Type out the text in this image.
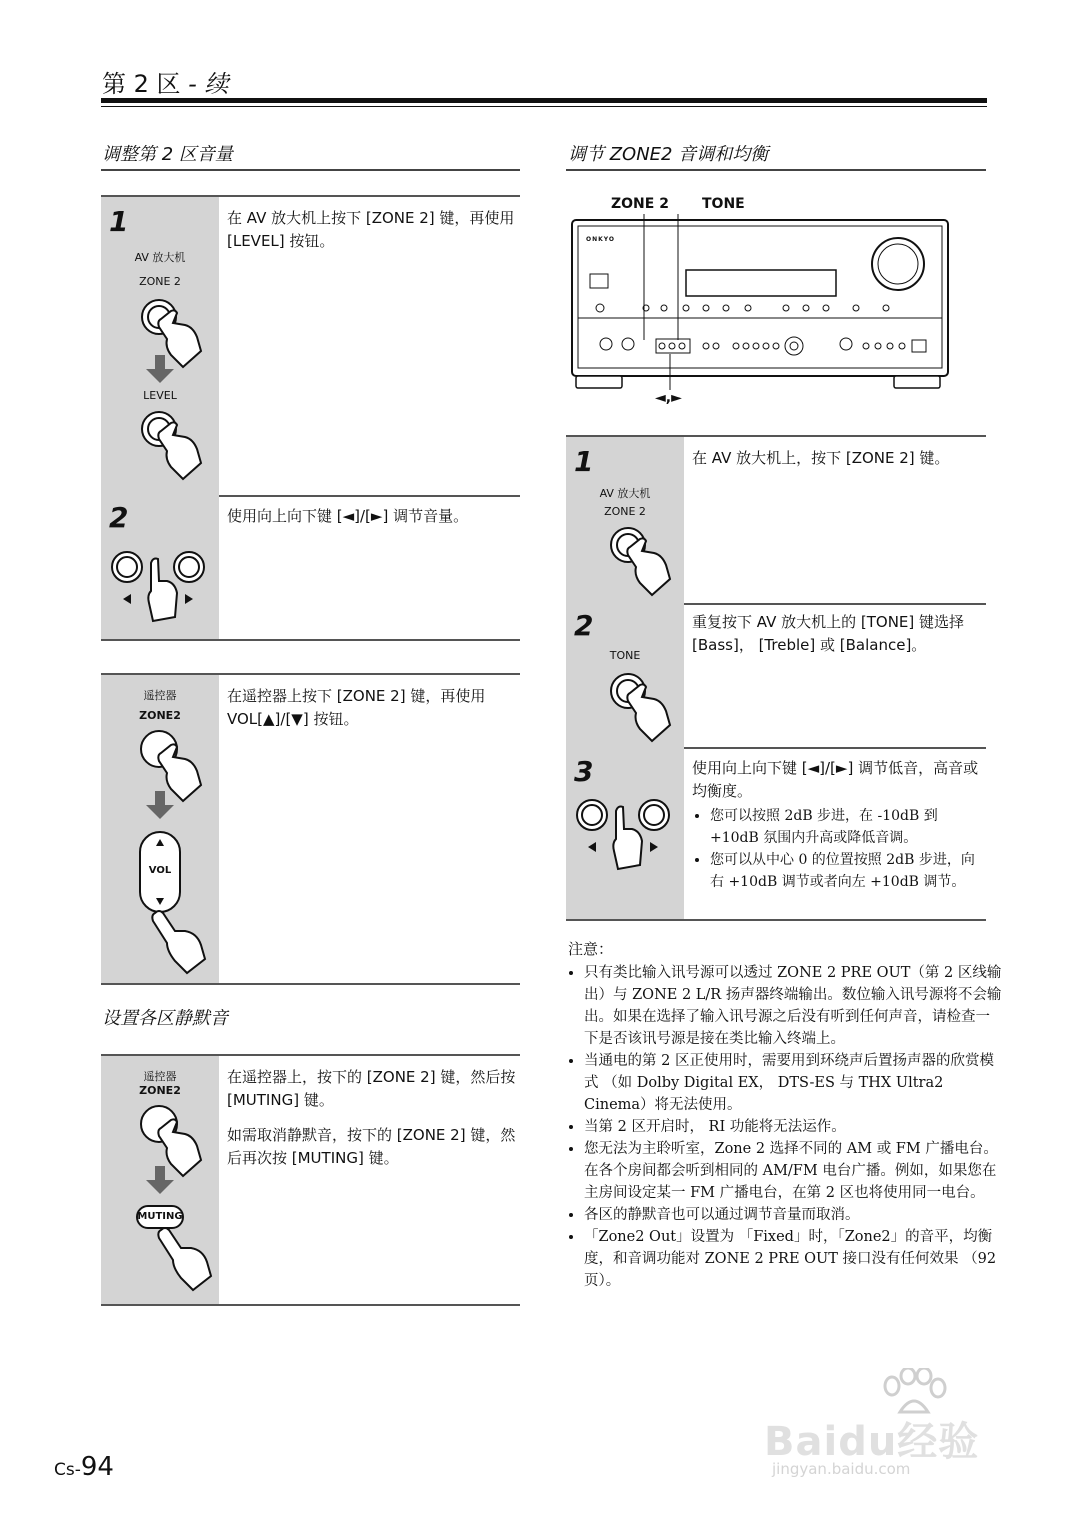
第 2 区 - 续
调整第 2 区音量
1
AV 放大机
ZONE 2
LEVEL
在 AV 放大机上按下 [ZONE 2] 键，再使用 [LEVEL] 按钮。
2	使用向上向下键 [◄]/[►] 调节音量。
遥控器
ZONE2
VOL
在遥控器上按下 [ZONE 2] 键，再使用 VOL[▲]/[▼] 按钮。
设置各区静默音
遥控器
ZONE2
MUTING

在遥控器上，按下的 [ZONE 2] 键，然后按 [MUTING] 键。

如需取消静默音，按下的 [ZONE 2] 键，然后再次按 [MUTING] 键。

调节 ZONE2 音调和均衡
ZONE 2 TONE
◄,►
ONKYO
1
AV 放大机
ZONE 2
在 AV 放大机上，按下 [ZONE 2] 键。
2
TONE
重复按下 AV 放大机上的 [TONE] 键选择 [Bass]， [Treble] 或 [Balance]。
3	使用向上向下键 [◄]/[►] 调节低音，高音或均衡度。
• 您可以按照 2dB 步进，在 -10dB 到 +10dB 氛围内升高或降低音调。
• 您可以从中心 0 的位置按照 2dB 步进，向右 +10dB 调节或者向左 +10dB 调节。
注意：
• 只有类比输入讯号源可以透过 ZONE 2 PRE OUT（第 2 区线输出）与 ZONE 2 L/R 扬声器终端输出。数位输入讯号源将不会输出。如果在选择了输入讯号源之后没有听到任何声音，请检查一下是否该讯号源是接在类比输入终端上。
• 当通电的第 2 区正使用时，需要用到环绕声后置扬声器的欣赏模式 （如 Dolby Digital EX， DTS-ES 与 THX Ultra2 Cinema）将无法使用。
• 当第 2 区开启时， RI 功能将无法运作。
• 您无法为主聆听室，Zone 2 选择不同的 AM 或 FM 广播电台。在各个房间都会听到相同的 AM/FM 电台广播。例如，如果您在主房间设定某一 FM 广播电台，在第 2 区也将使用同一电台。
• 各区的静默音也可以通过调节音量而取消。
• 「Zone2 Out」设置为 「Fixed」时，「Zone2」的音平，均衡度，和音调功能对 ZONE 2 PRE OUT 接口没有任何效果 （92 页）。
Baidu经验
jingyan.baidu.com
Cs-94
